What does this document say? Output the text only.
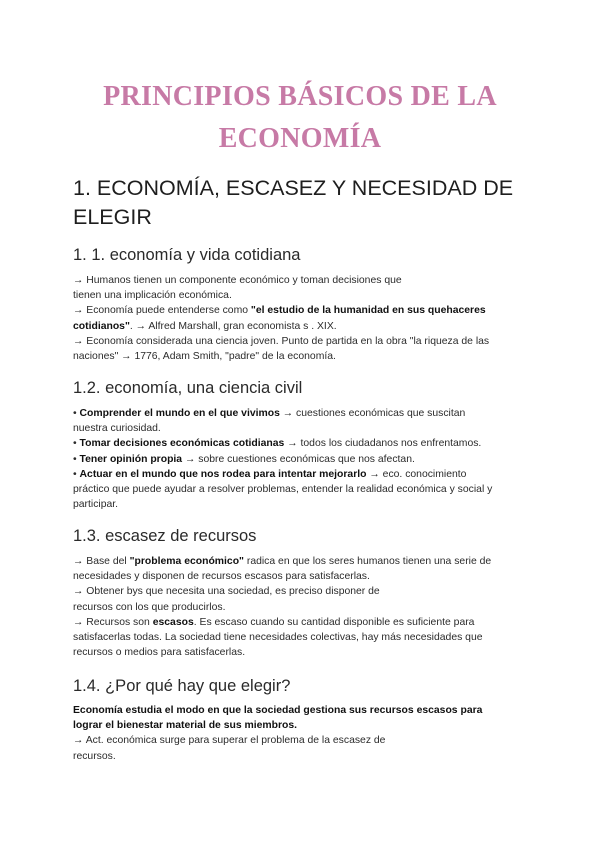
PRINCIPIOS BÁSICOS DE LA
ECONOMÍA
1. ECONOMÍA, ESCASEZ Y NECESIDAD DE
ELEGIR
1. 1. economía y vida cotidiana
→ Humanos tienen un componente económico y toman decisiones que
tienen una implicación económica.
→ Economía puede entenderse como "el estudio de la humanidad en sus quehaceres
cotidianos". → Alfred Marshall, gran economista s . XIX.
→ Economía considerada una ciencia joven. Punto de partida en la obra "la riqueza de las
naciones" → 1776, Adam Smith, "padre" de la economía.
1.2. economía, una ciencia civil
• Comprender el mundo en el que vivimos → cuestiones económicas que suscitan
nuestra curiosidad.
• Tomar decisiones económicas cotidianas → todos los ciudadanos nos enfrentamos.
• Tener opinión propia → sobre cuestiones económicas que nos afectan.
• Actuar en el mundo que nos rodea para intentar mejorarlo → eco. conocimiento
práctico que puede ayudar a resolver problemas, entender la realidad económica y social y
participar.
1.3. escasez de recursos
→ Base del "problema económico" radica en que los seres humanos tienen una serie de
necesidades y disponen de recursos escasos para satisfacerlas.
→ Obtener bys que necesita una sociedad, es preciso disponer de
recursos con los que producirlos.
→ Recursos son escasos. Es escaso cuando su cantidad disponible es suficiente para
satisfacerlas todas. La sociedad tiene necesidades colectivas, hay más necesidades que
recursos o medios para satisfacerlas.
1.4. ¿Por qué hay que elegir?
Economía estudia el modo en que la sociedad gestiona sus recursos escasos para
lograr el bienestar material de sus miembros.
→ Act. económica surge para superar el problema de la escasez de
recursos.
